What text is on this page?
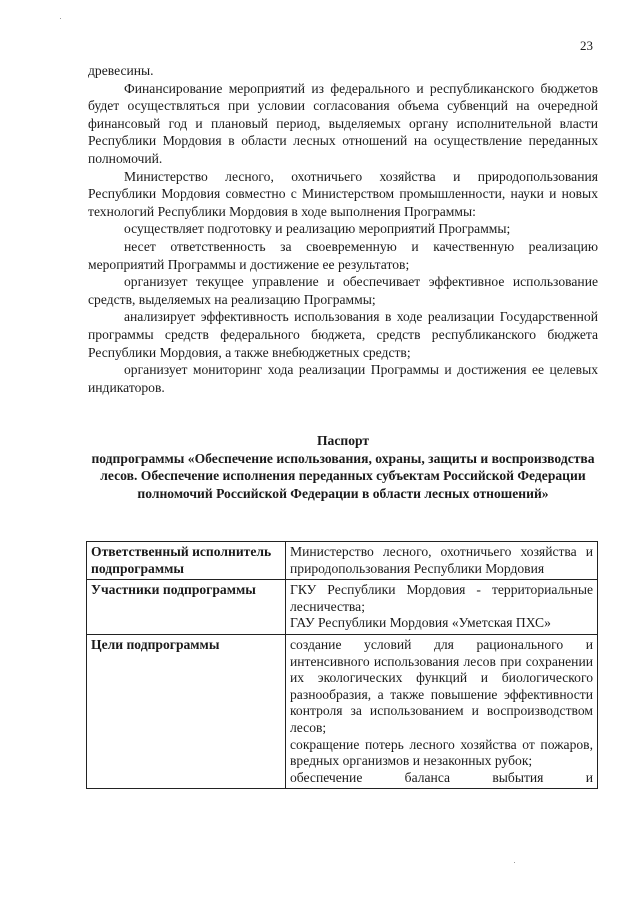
23

древесины.

Финансирование мероприятий из федерального и республиканского бюджетов будет осуществляться при условии согласования объема субвенций на очередной финансовый год и плановый период, выделяемых органу исполнительной власти Республики Мордовия в области лесных отношений на осуществление переданных полномочий.

Министерство лесного, охотничьего хозяйства и природопользования Республики Мордовия совместно с Министерством промышленности, науки и новых технологий Республики Мордовия в ходе выполнения Программы:

осуществляет подготовку и реализацию мероприятий Программы;

несет ответственность за своевременную и качественную реализацию мероприятий Программы и достижение ее результатов;

организует текущее управление и обеспечивает эффективное использование средств, выделяемых на реализацию Программы;

анализирует эффективность использования в ходе реализации Государственной программы средств федерального бюджета, средств республиканского бюджета Республики Мордовия, а также внебюджетных средств;

организует мониторинг хода реализации Программы и достижения ее целевых индикаторов.

Паспорт
подпрограммы «Обеспечение использования, охраны, защиты и воспроизводства лесов. Обеспечение исполнения переданных субъектам Российской Федерации полномочий Российской Федерации в области лесных отношений»
Ответственный исполнитель подпрограммы	Министерство лесного, охотничьего хозяйства и природопользования Республики Мордовия

Участники подпрограммы	ГКУ Республики Мордовия - территориальные лесничества;
ГАУ Республики Мордовия «Уметская ПХС»

Цели подпрограммы	создание условий для рационального и интенсивного использования лесов при сохранении их экологических функций и биологического разнообразия, а также повышение эффективности контроля за использованием и воспроизводством лесов;
сокращение потерь лесного хозяйства от пожаров, вредных организмов и незаконных рубок;
обеспечение баланса выбытия и
